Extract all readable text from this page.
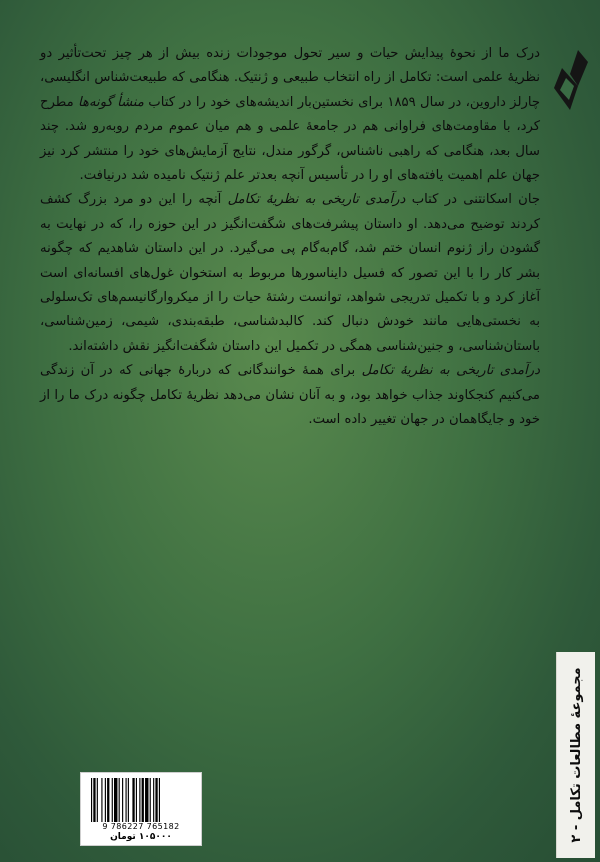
درک ما از نحوهٔ پیدایش حیات و سیر تحول موجودات زنده بیش از هر چیز تحت‌تأثیر دو نظریهٔ علمی است: تکامل از راه انتخاب طبیعی و ژنتیک. هنگامی که طبیعت‌شناس انگلیسی، چارلز داروین، در سال ۱۸۵۹ برای نخستین‌بار اندیشه‌های خود را در کتاب منشأ گونه‌ها مطرح کرد، با مقاومت‌های فراوانی هم در جامعهٔ علمی و هم میان عموم مردم روبه‌رو شد. چند سال بعد، هنگامی که راهبی ناشناس، گرگور مندل، نتایج آزمایش‌های خود را منتشر کرد نیز جهان علم اهمیت یافته‌های او را در تأسیس آنچه بعدتر علم ژنتیک نامیده شد درنیافت.

جان اسکانتنی در کتاب درآمدی تاریخی به نظریهٔ تکامل آنچه را این دو مرد بزرگ کشف کردند توضیح می‌دهد. او داستان پیشرفت‌های شگفت‌انگیز در این حوزه را، که در نهایت به گشودن راز ژنوم انسان ختم شد، گام‌به‌گام پی می‌گیرد. در این داستان شاهدیم که چگونه بشر کار را با این تصور که فسیل دایناسورها مربوط به استخوان غول‌های افسانه‌ای است آغاز کرد و با تکمیل تدریجی شواهد، توانست رشتهٔ حیات را از میکروارگانیسم‌های تک‌سلولی به نخستی‌هایی مانند خودش دنبال کند. کالبدشناسی، طبقه‌بندی، شیمی، زمین‌شناسی، باستان‌شناسی، و جنین‌شناسی همگی در تکمیل این داستان شگفت‌انگیز نقش داشته‌اند.

درآمدی تاریخی به نظریهٔ تکامل برای همهٔ خوانندگانی که دربارهٔ جهانی که در آن زندگی می‌کنیم کنجکاوند جذاب خواهد بود، و به آنان نشان می‌دهد نظریهٔ تکامل چگونه درک ما را از خود و جایگاهمان در جهان تغییر داده است.

مجموعهٔ مطالعات تکامل - ۲
9 786227 765182
۱۰۵۰۰۰ تومان
